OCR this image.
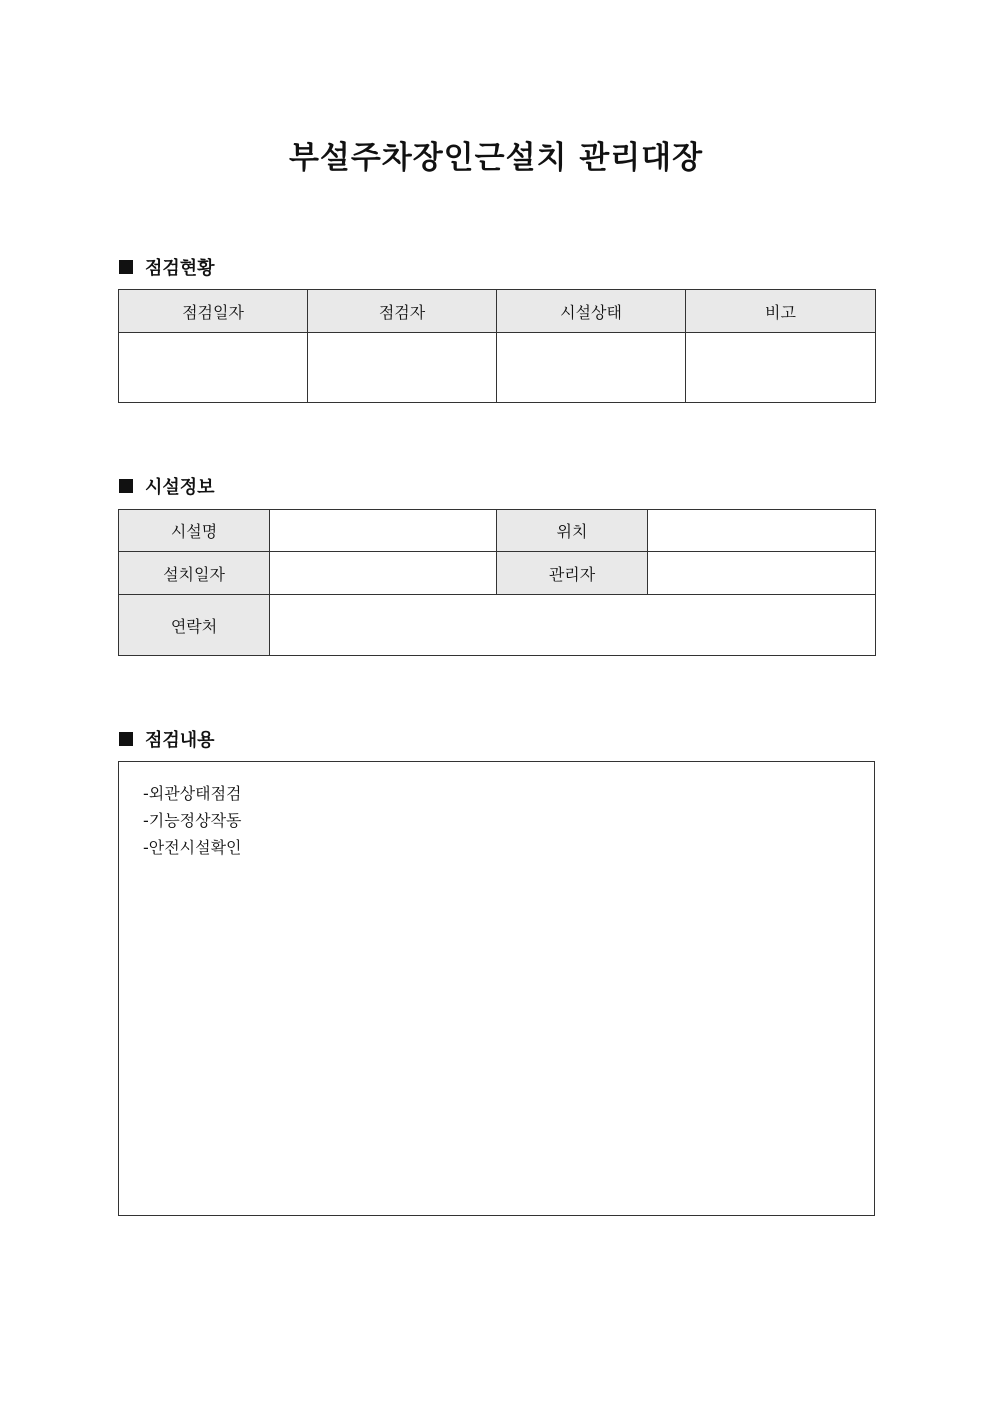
부설주차장인근설치 관리대장
점검현황
점검일자	점검자	시설상태	비고

시설정보
시설명		위치	
설치일자		관리자	
연락처			
점검내용
-외관상태점검
-기능정상작동
-안전시설확인
